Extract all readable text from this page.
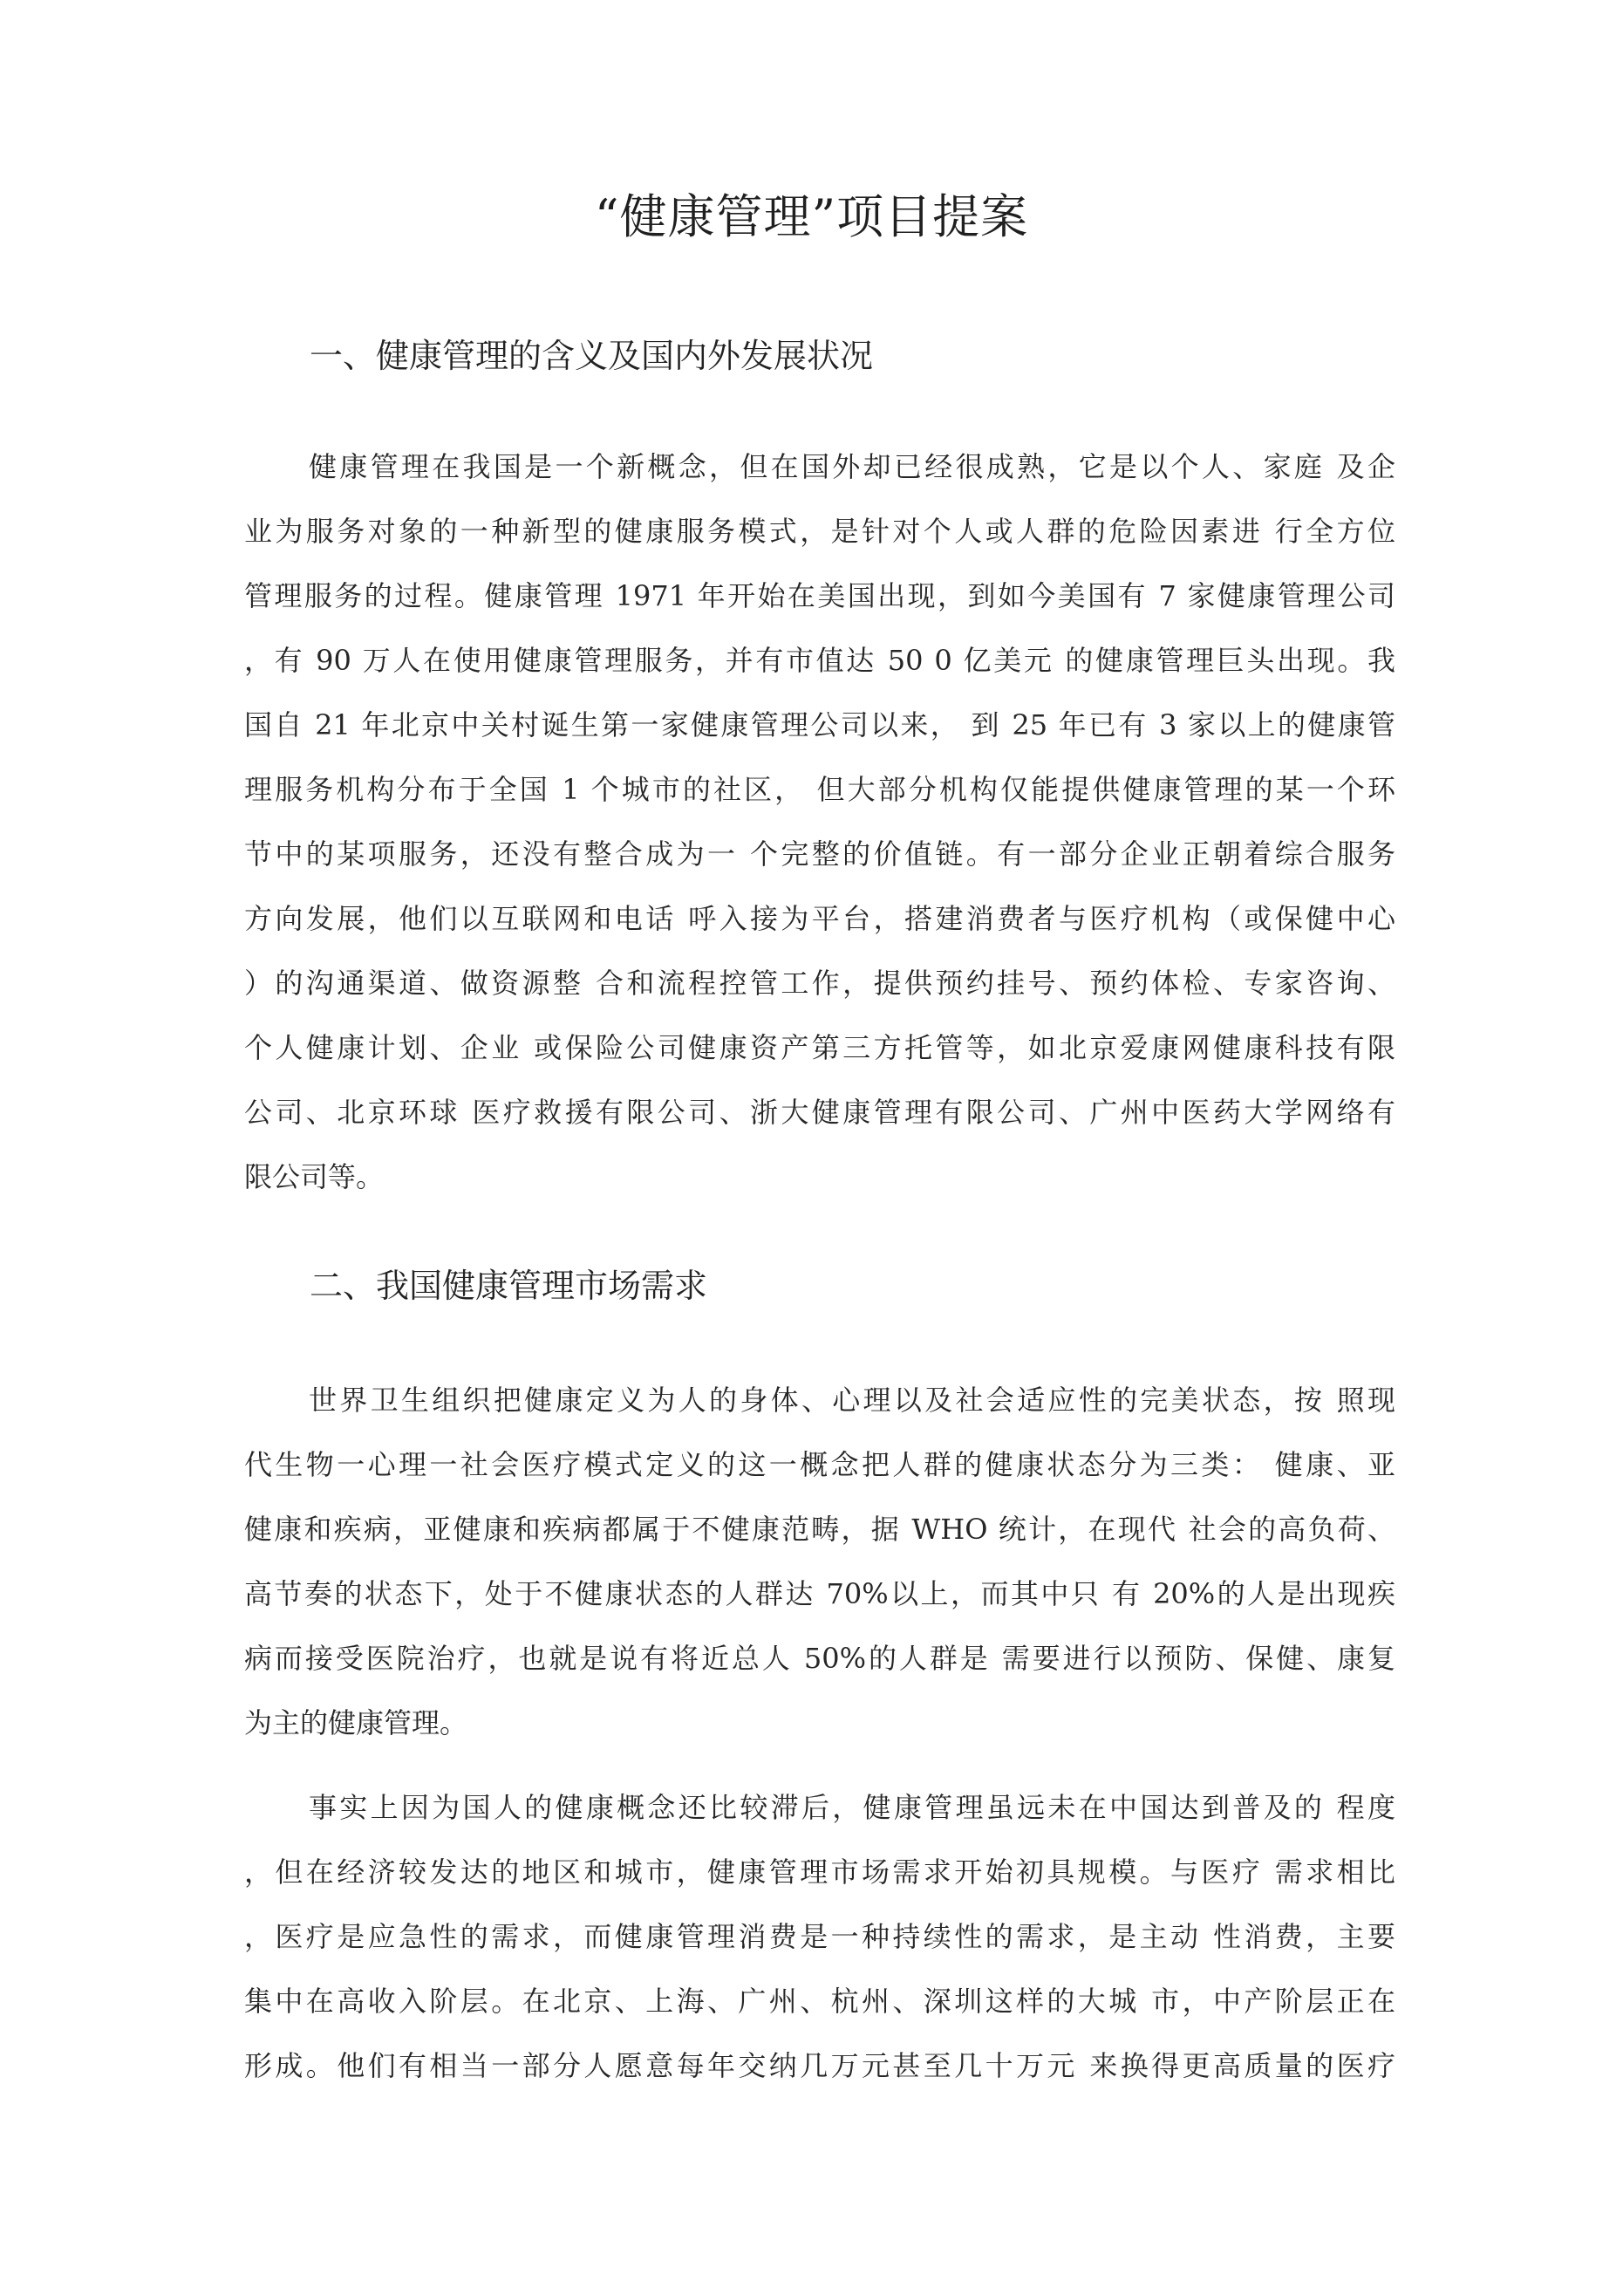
“健康管理”项目提案
一、健康管理的含义及国内外发展状况
健康管理在我国是一个新概念，但在国外却已经很成熟，它是以个人、家庭 及企
业为服务对象的一种新型的健康服务模式，是针对个人或人群的危险因素进 行全方位
管理服务的过程。健康管理 1971 年开始在美国出现，到如今美国有 7 家健康管理公司
，有 90 万人在使用健康管理服务，并有市值达 50 0 亿美元 的健康管理巨头出现。我
国自 21 年北京中关村诞生第一家健康管理公司以来， 到 25 年已有 3 家以上的健康管
理服务机构分布于全国 1 个城市的社区， 但大部分机构仅能提供健康管理的某一个环
节中的某项服务，还没有整合成为一 个完整的价值链。有一部分企业正朝着综合服务
方向发展，他们以互联网和电话 呼入接为平台，搭建消费者与医疗机构（或保健中心
）的沟通渠道、做资源整 合和流程控管工作，提供预约挂号、预约体检、专家咨询、
个人健康计划、企业 或保险公司健康资产第三方托管等，如北京爱康网健康科技有限
公司、北京环球 医疗救援有限公司、浙大健康管理有限公司、广州中医药大学网络有
限公司等。
二、我国健康管理市场需求
世界卫生组织把健康定义为人的身体、心理以及社会适应性的完美状态，按 照现
代生物一心理一社会医疗模式定义的这一概念把人群的健康状态分为三类： 健康、亚
健康和疾病，亚健康和疾病都属于不健康范畴，据 WHO 统计，在现代 社会的高负荷、
高节奏的状态下，处于不健康状态的人群达 70%以上，而其中只 有 20%的人是出现疾
病而接受医院治疗，也就是说有将近总人 50%的人群是 需要进行以预防、保健、康复
为主的健康管理。
事实上因为国人的健康概念还比较滞后，健康管理虽远未在中国达到普及的 程度
，但在经济较发达的地区和城市，健康管理市场需求开始初具规模。与医疗 需求相比
，医疗是应急性的需求，而健康管理消费是一种持续性的需求，是主动 性消费，主要
集中在高收入阶层。在北京、上海、广州、杭州、深圳这样的大城 市，中产阶层正在
形成。他们有相当一部分人愿意每年交纳几万元甚至几十万元 来换得更高质量的医疗
